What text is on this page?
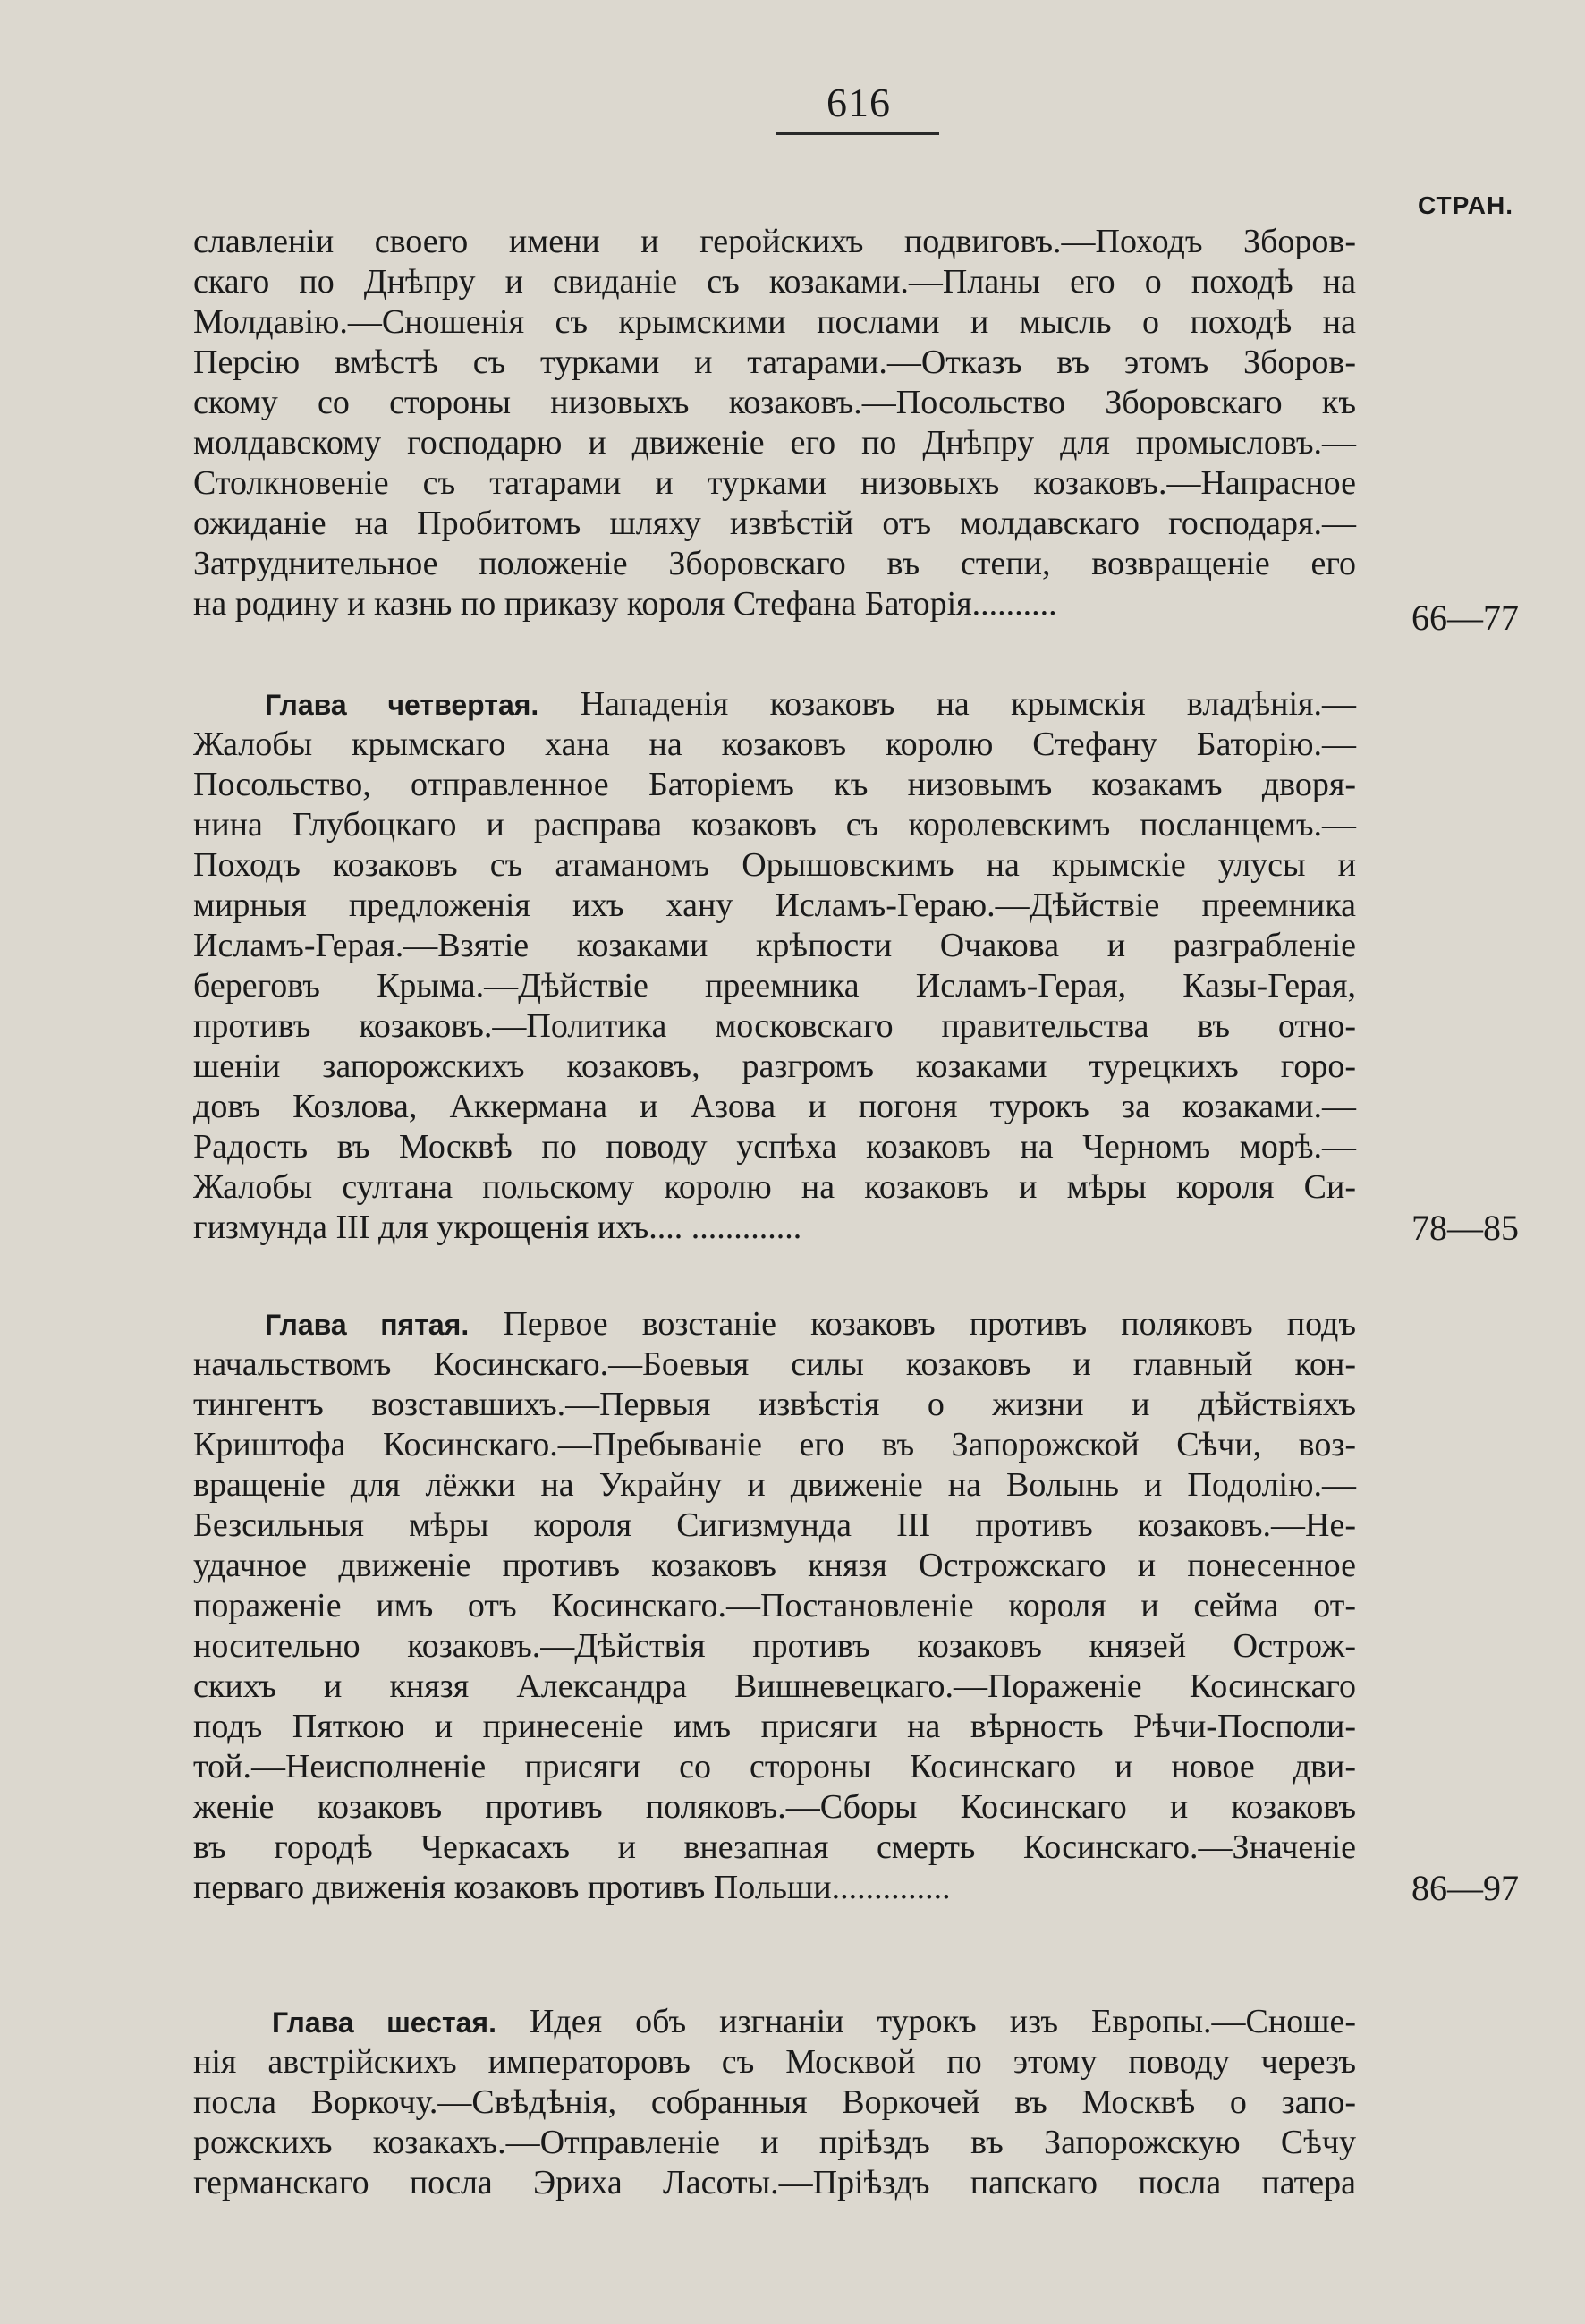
616
СТРАН.
славленіи своего имени и геройскихъ подвиговъ.—Походъ Зборов-
скаго по Днѣпру и свиданіе съ козаками.—Планы его о походѣ на
Молдавію.—Сношенія съ крымскими послами и мысль о походѣ на
Персію вмѣстѣ съ турками и татарами.—Отказъ въ этомъ Зборов-
скому со стороны низовыхъ козаковъ.—Посольство Зборовскаго къ
молдавскому господарю и движеніе его по Днѣпру для промысловъ.—
Столкновеніе съ татарами и турками низовыхъ козаковъ.—Напрасное
ожиданіе на Пробитомъ шляху извѣстій отъ молдавскаго господаря.—
Затруднительное положеніе Зборовскаго въ степи, возвращеніе его
на родину и казнь по приказу короля Стефана Баторія..........	66—77
Глава четвертая. Нападенія козаковъ на крымскія владѣнія.—
Жалобы крымскаго хана на козаковъ королю Стефану Баторію.—
Посольство, отправленное Баторіемъ къ низовымъ козакамъ дворя-
нина Глубоцкаго и расправа козаковъ съ королевскимъ посланцемъ.—
Походъ козаковъ съ атаманомъ Орышовскимъ на крымскіе улусы и
мирныя предложенія ихъ хану Исламъ-Гераю.—Дѣйствіе преемника
Исламъ-Герая.—Взятіе козаками крѣпости Очакова и разграбленіе
береговъ Крыма.—Дѣйствіе преемника Исламъ-Герая, Казы-Герая,
противъ козаковъ.—Политика московскаго правительства въ отно-
шеніи запорожскихъ козаковъ, разгромъ козаками турецкихъ горо-
довъ Козлова, Аккермана и Азова и погоня турокъ за козаками.—
Радость въ Москвѣ по поводу успѣха козаковъ на Черномъ морѣ.—
Жалобы султана польскому королю на козаковъ и мѣры короля Си-
гизмунда III для укрощенія ихъ.... .............	78—85
Глава пятая. Первое возстаніе козаковъ противъ поляковъ подъ
начальствомъ Косинскаго.—Боевыя силы козаковъ и главный кон-
тингентъ возставшихъ.—Первыя извѣстія о жизни и дѣйствіяхъ
Криштофа Косинскаго.—Пребываніе его въ Запорожской Сѣчи, воз-
вращеніе для лёжки на Украйну и движеніе на Волынь и Подолію.—
Безсильныя мѣры короля Сигизмунда III противъ козаковъ.—Не-
удачное движеніе противъ козаковъ князя Острожскаго и понесенное
пораженіе имъ отъ Косинскаго.—Постановленіе короля и сейма от-
носительно козаковъ.—Дѣйствія противъ козаковъ князей Острож-
скихъ и князя Александра Вишневецкаго.—Пораженіе Косинскаго
подъ Пяткою и принесеніе имъ присяги на вѣрность Рѣчи-Посполи-
той.—Неисполненіе присяги со стороны Косинскаго и новое дви-
женіе козаковъ противъ поляковъ.—Сборы Косинскаго и козаковъ
въ городѣ Черкасахъ и внезапная смерть Косинскаго.—Значеніе
перваго движенія козаковъ противъ Польши..............	86—97
Глава шестая. Идея объ изгнаніи турокъ изъ Европы.—Сноше-
нія австрійскихъ императоровъ съ Москвой по этому поводу черезъ
посла Воркочу.—Свѣдѣнія, собранныя Воркочей въ Москвѣ о запо-
рожскихъ козакахъ.—Отправленіе и пріѣздъ въ Запорожскую Сѣчу
германскаго посла Эриха Ласоты.—Пріѣздъ папскаго посла патера
